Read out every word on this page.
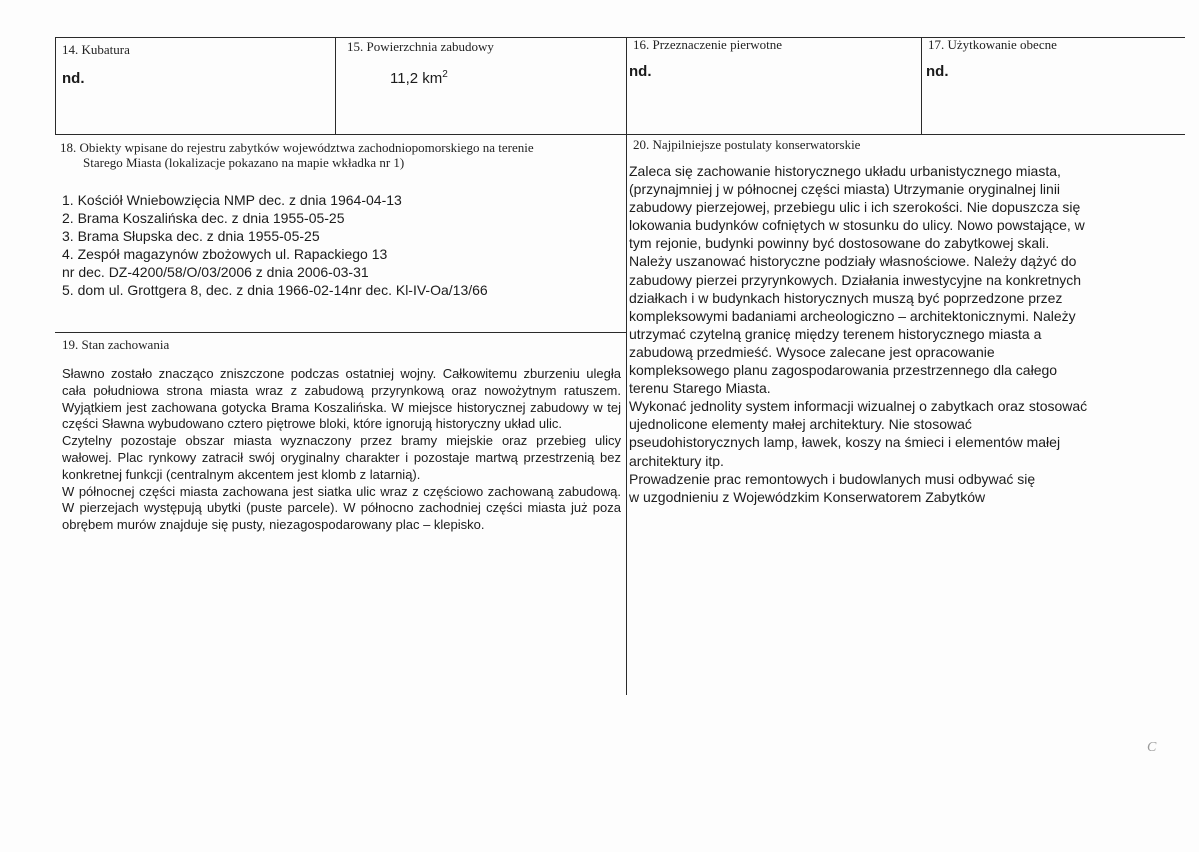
14. Kubatura
nd.
15. Powierzchnia zabudowy
11,2 $km^2$
16. Przeznaczenie pierwotne
nd.
17. Użytkowanie obecne
nd.
18. Obiekty wpisane do rejestru zabytków województwa zachodniopomorskiego na terenie
Starego Miasta (lokalizacje pokazano na mapie wkładka nr 1)
1. Kościół Wniebowzięcia NMP dec. z dnia 1964-04-13
2. Brama Koszalińska dec. z dnia 1955-05-25
3. Brama Słupska dec. z dnia 1955-05-25
4. Zespół magazynów zbożowych ul. Rapackiego 13
nr dec. DZ-4200/58/O/03/2006 z dnia 2006-03-31
5. dom ul. Grottgera 8, dec. z dnia 1966-02-14nr dec. Kl-IV-Oa/13/66
19. Stan zachowania

Sławno zostało znacząco zniszczone podczas ostatniej wojny. Całkowitemu zburzeniu uległa cała południowa strona miasta wraz z zabudową przyrynkową oraz nowożytnym ratuszem. Wyjątkiem jest zachowana gotycka Brama Koszalińska. W miejsce historycznej zabudowy w tej części Sławna wybudowano cztero piętrowe bloki, które ignorują historyczny układ ulic.

Czytelny pozostaje obszar miasta wyznaczony przez bramy miejskie oraz przebieg ulicy wałowej. Plac rynkowy zatracił swój oryginalny charakter i pozostaje martwą przestrzenią bez konkretnej funkcji (centralnym akcentem jest klomb z latarnią).

W północnej części miasta zachowana jest siatka ulic wraz z częściowo zachowaną zabudową. W pierzejach występują ubytki (puste parcele). W północno zachodniej części miasta już poza obrębem murów znajduje się pusty, niezagospodarowany plac – klepisko.

20. Najpilniejsze postulaty konserwatorskie
Zaleca się zachowanie historycznego układu urbanistycznego miasta,
(przynajmniej j w północnej części miasta) Utrzymanie oryginalnej linii
zabudowy pierzejowej, przebiegu ulic i ich szerokości. Nie dopuszcza się
lokowania budynków cofniętych w stosunku do ulicy. Nowo powstające, w
tym rejonie, budynki powinny być dostosowane do zabytkowej skali.
Należy uszanować historyczne podziały własnościowe. Należy dążyć do
zabudowy pierzei przyrynkowych. Działania inwestycyjne na konkretnych
działkach i w budynkach historycznych muszą być poprzedzone przez
kompleksowymi badaniami archeologiczno – architektonicznymi. Należy
utrzymać czytelną granicę między terenem historycznego miasta a
zabudową przedmieść. Wysoce zalecane jest opracowanie
kompleksowego planu zagospodarowania przestrzennego dla całego
terenu Starego Miasta.
Wykonać jednolity system informacji wizualnej o zabytkach oraz stosować
ujednolicone elementy małej architektury. Nie stosować
pseudohistorycznych lamp, ławek, koszy na śmieci i elementów małej
architektury itp.
Prowadzenie prac remontowych i budowlanych musi odbywać się
w uzgodnieniu z Wojewódzkim Konserwatorem Zabytków
C
